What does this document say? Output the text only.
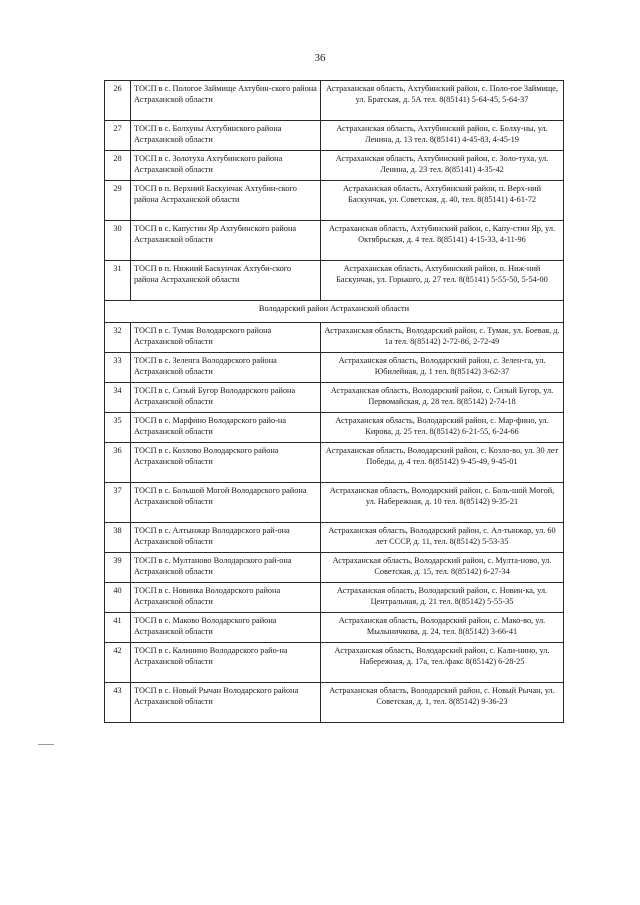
36
26	ТОСП в с. Пологое Займище Ахтубин-ского района Астраханской области	Астраханская область, Ахтубинский район, с. Поло-гое Займище, ул. Братская, д. 5А тел. 8(85141) 5-64-45, 5-64-37
27	ТОСП в с. Болхуны Ахтубинского района Астраханской области	Астраханская область, Ахтубинский район, с. Болху-ны, ул. Ленина, д. 13 тел. 8(85141) 4-45-83, 4-45-19
28	ТОСП в с. Золотуха Ахтубинского района Астраханской области	Астраханская область, Ахтубинский район, с. Золо-туха, ул. Ленина, д. 23 тел. 8(85141) 4-35-42
29	ТОСП в п. Верхний Баскунчак Ахтубин-ского района Астраханской области	Астраханская область, Ахтубинский район, п. Верх-ний Баскунчак, ул. Советская, д. 40, тел. 8(85141) 4-61-72
30	ТОСП в с. Капустин Яр Ахтубинского района Астраханской области	Астраханская область, Ахтубинский район, с. Капу-стин Яр, ул. Октябрьская, д. 4 тел. 8(85141) 4-15-33, 4-11-96
31	ТОСП в п. Нижний Баскунчак Ахтуби-ского района Астраханской области	Астраханская область, Ахтубинский район, п. Ниж-ний Баскунчак, ул. Горького, д. 27 тел. 8(85141) 5-55-50, 5-54-00
Володарский район Астраханской области		
32	ТОСП в с. Тумак Володарского района Астраханской области	Астраханская область, Володарский район, с. Тумак, ул. Боевая, д. 1а тел. 8(85142) 2-72-86, 2-72-49
33	ТОСП в с. Зеленга Володарского района Астраханской области	Астраханская область, Володарский район, с. Зелен-га, ул. Юбилейная, д. 1 тел. 8(85142) 3-62-37
34	ТОСП в с. Сизый Бугор Володарского района Астраханской области	Астраханская область, Володарский район, с. Сизый Бугор, ул. Первомайская, д. 28 тел. 8(85142) 2-74-18
35	ТОСП в с. Марфино Володарского райо-на Астраханской области	Астраханская область, Володарский район, с. Мар-фино, ул. Кирова, д. 25 тел. 8(85142) 6-21-55, 6-24-66
36	ТОСП в с. Козлово Володарского района Астраханской области	Астраханская область, Володарский район, с. Козло-во, ул. 30 лет Победы, д. 4 тел. 8(85142) 9-45-49, 9-45-01
37	ТОСП в с. Большой Могой Володарского района Астраханской области	Астраханская область, Володарский район, с. Боль-шой Могой, ул. Набережная, д. 10 тел. 8(85142) 9-35-21
38	ТОСП в с. Алтынжар Володарского рай-она Астраханской области	Астраханская область, Володарский район, с. Ал-тынжар, ул. 60 лет СССР, д. 11, тел. 8(85142) 5-53-35
39	ТОСП в с. Мултаново Володарского рай-она Астраханской области	Астраханская область, Володарский район, с. Мулта-ново, ул. Советская, д. 15, тел. 8(85142) 6-27-34
40	ТОСП в с. Новинка Володарского района Астраханской области	Астраханская область, Володарский район, с. Новин-ка, ул. Центральная, д. 21 тел. 8(85142) 5-55-35
41	ТОСП в с. Маково Володарского района Астраханской области	Астраханская область, Володарский район, с. Мако-во, ул. Мылыничкова, д. 24, тел. 8(85142) 3-66-41
42	ТОСП в с. Калинино Володарского райо-на Астраханской области	Астраханская область, Володарский район, с. Кали-нино, ул. Набережная, д. 17а, тел./факс 8(85142) 6-28-25
43	ТОСП в с. Новый Рычан Володарского района Астраханской области	Астраханская область, Володарский район, с. Новый Рычан, ул. Советская, д. 1, тел. 8(85142) 9-36-23
